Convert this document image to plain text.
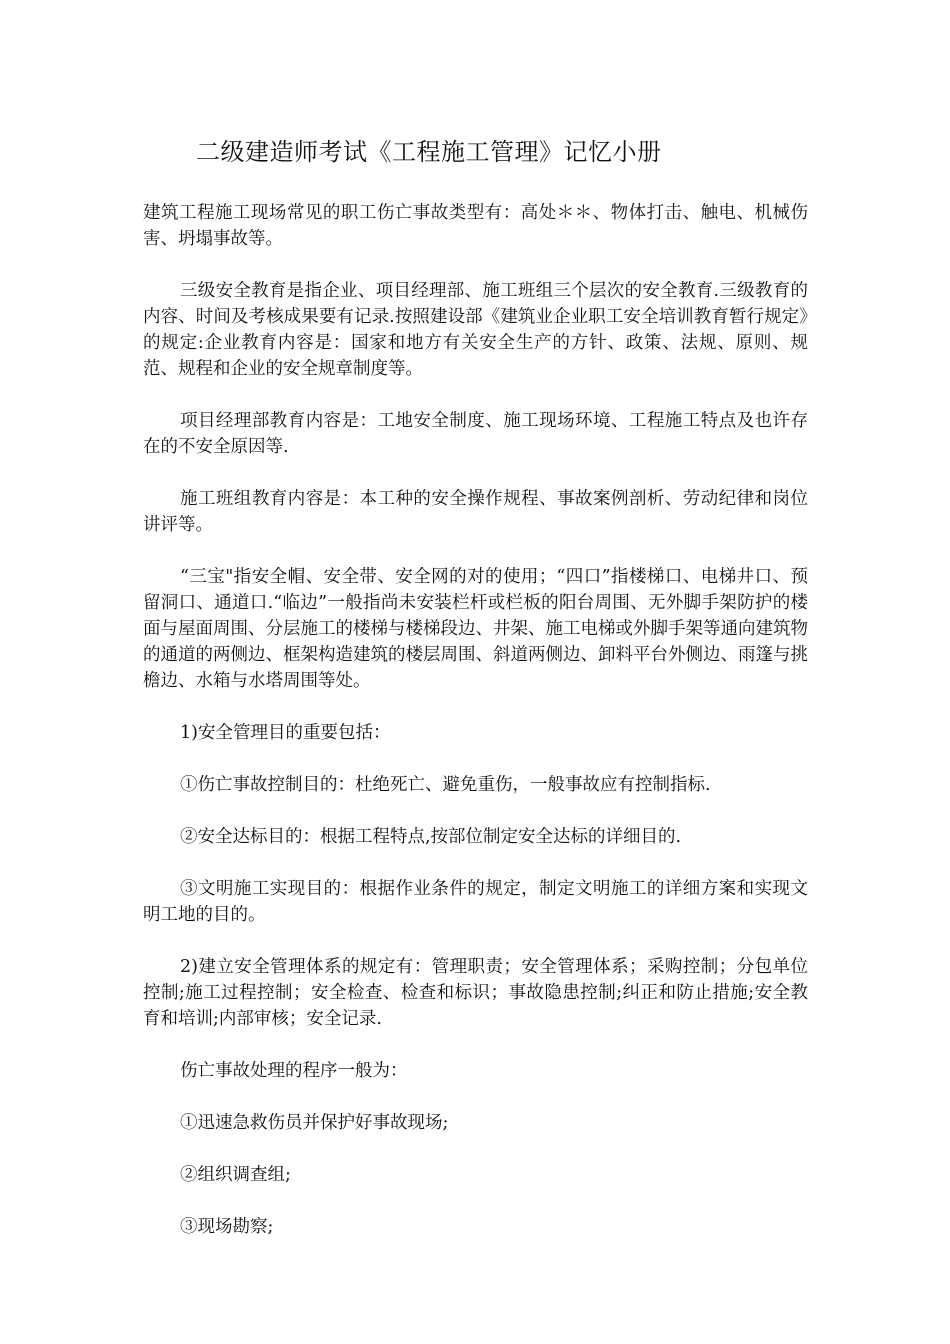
二级建造师考试《工程施工管理》记忆小册

建筑工程施工现场常见的职工伤亡事故类型有：高处＊＊、物体打击、触电、机械伤害、坍塌事故等。

三级安全教育是指企业、项目经理部、施工班组三个层次的安全教育.三级教育的内容、时间及考核成果要有记录.按照建设部《建筑业企业职工安全培训教育暂行规定》的规定:企业教育内容是：国家和地方有关安全生产的方针、政策、法规、原则、规范、规程和企业的安全规章制度等。

项目经理部教育内容是：工地安全制度、施工现场环境、工程施工特点及也许存在的不安全原因等.

施工班组教育内容是：本工种的安全操作规程、事故案例剖析、劳动纪律和岗位讲评等。

“三宝"指安全帽、安全带、安全网的对的使用；“四口”指楼梯口、电梯井口、预留洞口、通道口.“临边”一般指尚未安装栏杆或栏板的阳台周围、无外脚手架防护的楼面与屋面周围、分层施工的楼梯与楼梯段边、井架、施工电梯或外脚手架等通向建筑物的通道的两侧边、框架构造建筑的楼层周围、斜道两侧边、卸料平台外侧边、雨篷与挑檐边、水箱与水塔周围等处。

1)安全管理目的重要包括：

①伤亡事故控制目的：杜绝死亡、避免重伤，一般事故应有控制指标.

②安全达标目的：根据工程特点,按部位制定安全达标的详细目的.

③文明施工实现目的：根据作业条件的规定，制定文明施工的详细方案和实现文明工地的目的。

2)建立安全管理体系的规定有：管理职责；安全管理体系；采购控制；分包单位控制;施工过程控制；安全检查、检查和标识；事故隐患控制;纠正和防止措施;安全教育和培训;内部审核；安全记录.

伤亡事故处理的程序一般为：

①迅速急救伤员并保护好事故现场;

②组织调查组;

③现场勘察;
